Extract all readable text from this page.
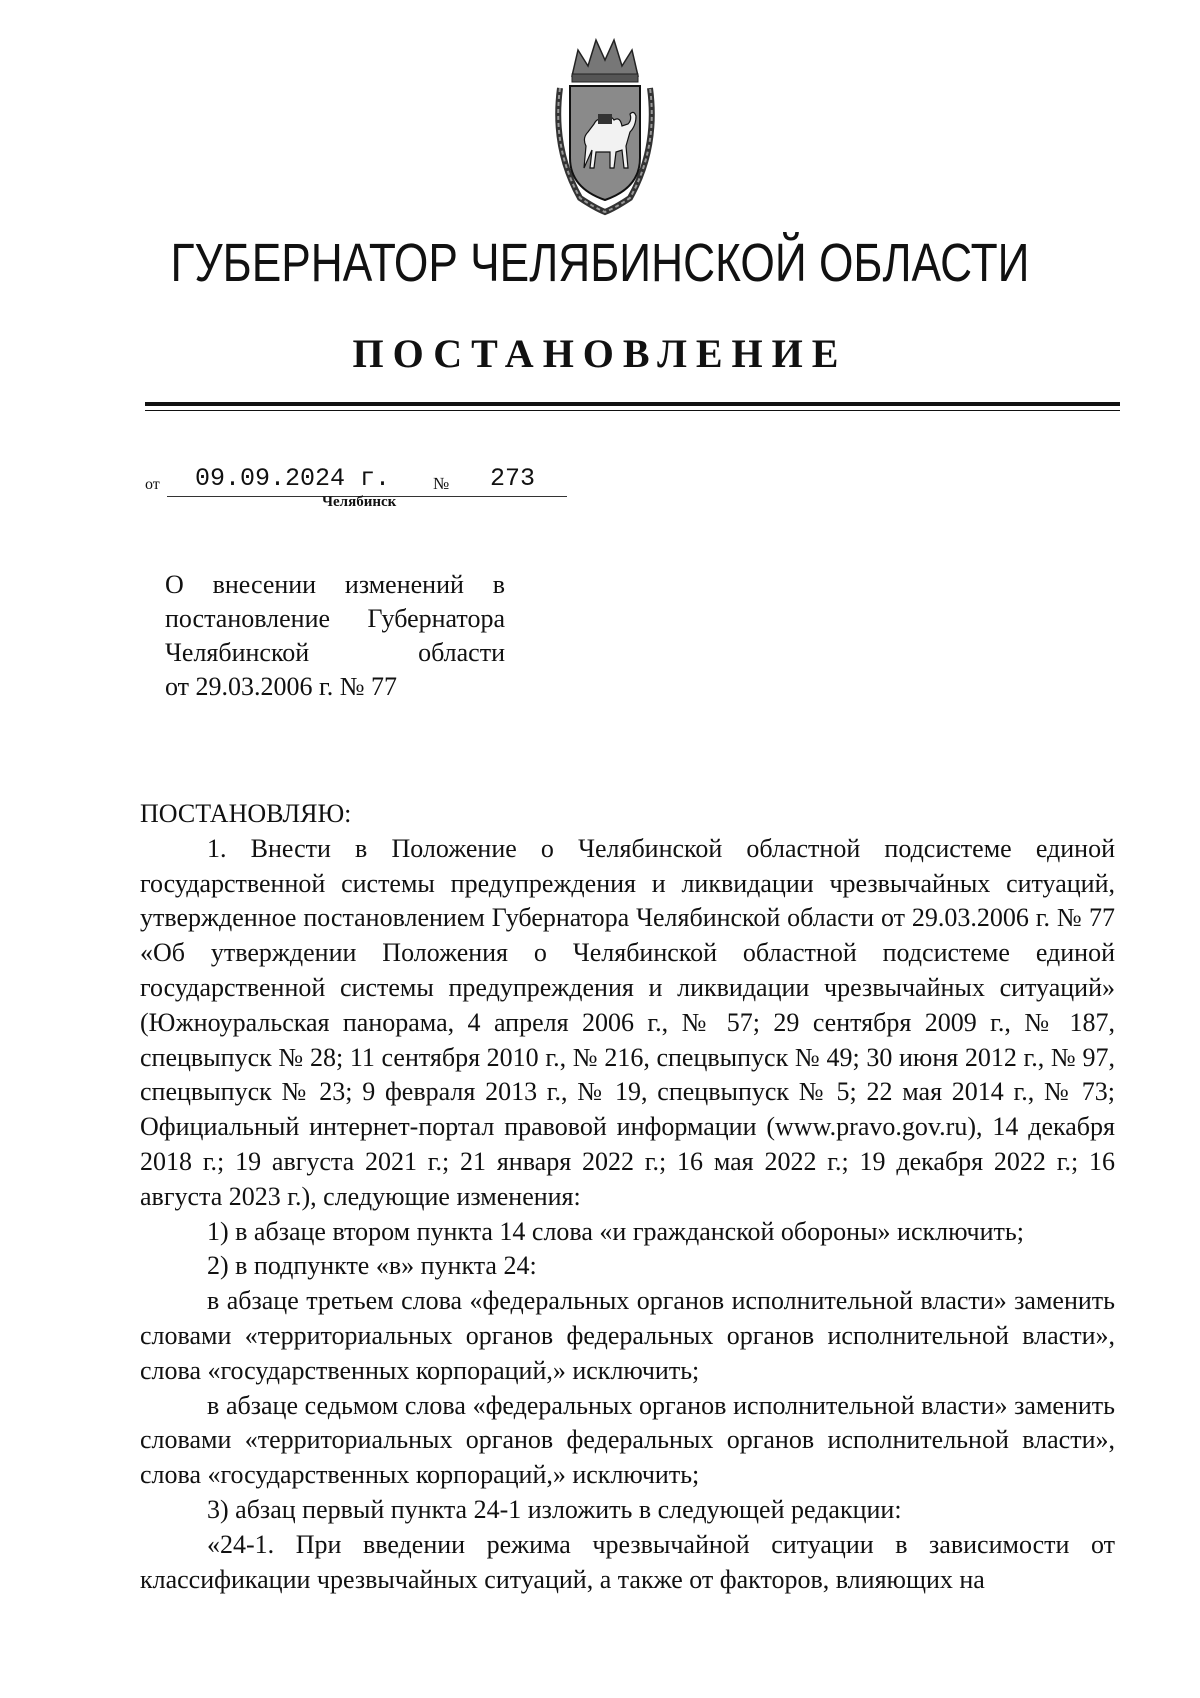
ГУБЕРНАТОР ЧЕЛЯБИНСКОЙ ОБЛАСТИ
ПОСТАНОВЛЕНИЕ
от 09.09.2024 г.	№ 273
Челябинск
О внесении изменений в
постановление Губернатора
Челябинской области
от 29.03.2006 г. № 77

ПОСТАНОВЛЯЮ:

1. Внести в Положение о Челябинской областной подсистеме единой государственной системы предупреждения и ликвидации чрезвычайных ситуаций, утвержденное постановлением Губернатора Челябинской области от 29.03.2006 г. № 77 «Об утверждении Положения о Челябинской областной подсистеме единой государственной системы предупреждения и ликвидации чрезвычайных ситуаций» (Южноуральская панорама, 4 апреля 2006 г., № 57; 29 сентября 2009 г., № 187, спецвыпуск № 28; 11 сентября 2010 г., № 216, спецвыпуск № 49; 30 июня 2012 г., № 97, спецвыпуск № 23; 9 февраля 2013 г., № 19, спецвыпуск № 5; 22 мая 2014 г., № 73; Официальный интернет-портал правовой информации (www.pravo.gov.ru), 14 декабря 2018 г.; 19 августа 2021 г.; 21 января 2022 г.; 16 мая 2022 г.; 19 декабря 2022 г.; 16 августа 2023 г.), следующие изменения:

1) в абзаце втором пункта 14 слова «и гражданской обороны» исключить;

2) в подпункте «в» пункта 24:

в абзаце третьем слова «федеральных органов исполнительной власти» заменить словами «территориальных органов федеральных органов исполнительной власти», слова «государственных корпораций,» исключить;

в абзаце седьмом слова «федеральных органов исполнительной власти» заменить словами «территориальных органов федеральных органов исполнительной власти», слова «государственных корпораций,» исключить;

3) абзац первый пункта 24-1 изложить в следующей редакции:

«24-1. При введении режима чрезвычайной ситуации в зависимости от классификации чрезвычайных ситуаций, а также от факторов, влияющих на
